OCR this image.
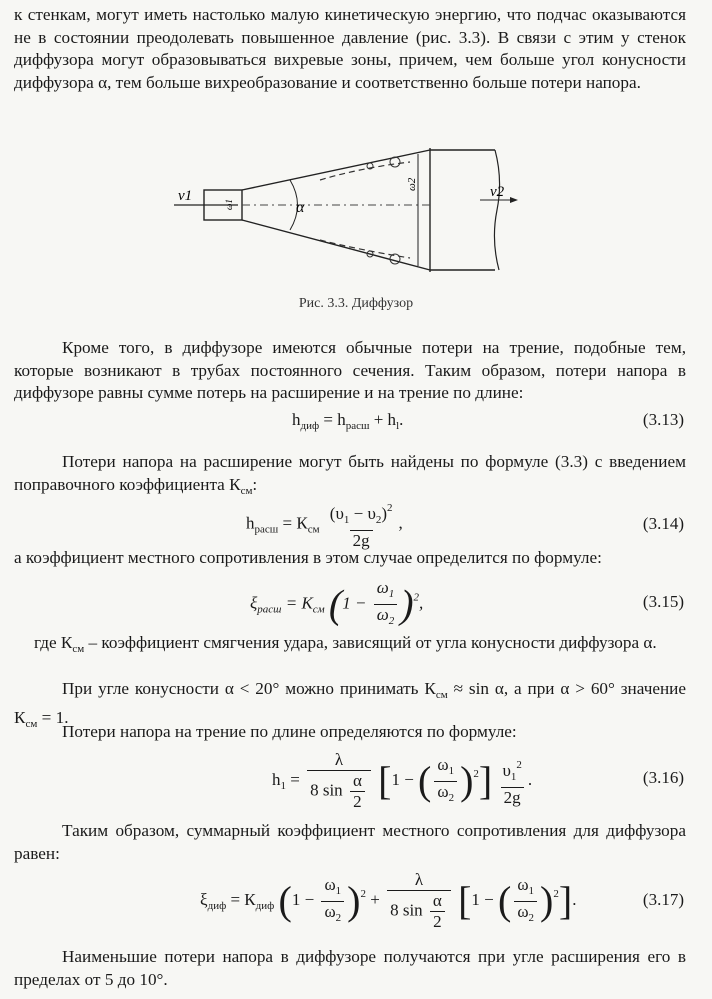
к стенкам, могут иметь настолько малую кинетическую энергию, что подчас оказываются не в состоянии преодолевать повышенное давление (рис. 3.3). В связи с этим у стенок диффузора могут образовываться вихревые зоны, причем, чем больше угол конусности диффузора α, тем больше вихреобразование и соответственно больше потери напора.

v1
ω1	α
ω2	v2
Рис. 3.3. Диффузор

Кроме того, в диффузоре имеются обычные потери на трение, подобные тем, которые возникают в трубах постоянного сечения. Таким образом, потери напора в диффузоре равны сумме потерь на расширение и на трение по длине:

$h_{диф} = h_{расш} + h_l$.	(3.13)

Потери напора на расширение могут быть найдены по формуле (3.3) с введением поправочного коэффициента $К_{см}$:

$h_{расш} = К_{см} \frac{(\upsilon_1 - \upsilon_2)^2}{2g}$ ,	(3.14)

а коэффициент местного сопротивления в этом случае определится по формуле:

$\xi_{расш} = К_{см}$ $(1 - \frac{\omega_1}{\omega_2} )^2$,	(3.15)

где $К_{см}$ – коэффициент смягчения удара, зависящий от угла конусности диффузора α.

При угле конусности α < 20° можно принимать $К_{см} \approx \sin \alpha$, а при α > 60° значение $К_{см} = 1$.

Потери напора на трение по длине определяются по формуле:

$h_1 = \frac{\lambda}{8 \sin \frac{\alpha}{2}} [1$ − ( $\frac{\omega_1}{\omega_2} )^2] \frac{\upsilon_1^2}{2g}$ .	(3.16)

Таким образом, суммарный коэффициент местного сопротивления для диффузора равен:

$\xi_{диф} = К_{диф}$ $(1 - \frac{\omega_1}{\omega_2} )^2 + \frac{\lambda}{8 \sin \frac{\alpha}{2}} [1$ − ( $\frac{\omega_1}{\omega_2} )^2$].	(3.17)

Наименьшие потери напора в диффузоре получаются при угле расширения его в пределах от 5 до 10°.
